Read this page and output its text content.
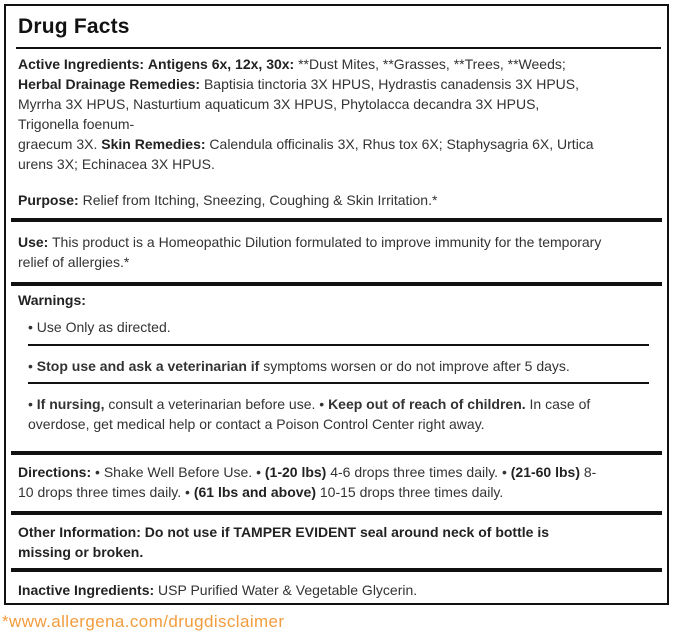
Drug Facts
Active Ingredients: Antigens 6x, 12x, 30x: **Dust Mites, **Grasses, **Trees, **Weeds;
Herbal Drainage Remedies: Baptisia tinctoria 3X HPUS, Hydrastis canadensis 3X HPUS,
Myrrha 3X HPUS, Nasturtium aquaticum 3X HPUS, Phytolacca decandra 3X HPUS,
Trigonella foenum-
graecum 3X. Skin Remedies: Calendula officinalis 3X, Rhus tox 6X; Staphysagria 6X, Urtica
urens 3X; Echinacea 3X HPUS.
Purpose: Relief from Itching, Sneezing, Coughing & Skin Irritation.*
Use: This product is a Homeopathic Dilution formulated to improve immunity for the temporary
relief of allergies.*
Warnings:
• Use Only as directed.
• Stop use and ask a veterinarian if symptoms worsen or do not improve after 5 days.
• If nursing, consult a veterinarian before use. • Keep out of reach of children. In case of
overdose, get medical help or contact a Poison Control Center right away.
Directions: • Shake Well Before Use. • (1-20 lbs) 4-6 drops three times daily. • (21-60 lbs) 8-
10 drops three times daily. • (61 lbs and above) 10-15 drops three times daily.
Other Information: Do not use if TAMPER EVIDENT seal around neck of bottle is
missing or broken.
Inactive Ingredients: USP Purified Water & Vegetable Glycerin.
*www.allergena.com/drugdisclaimer
